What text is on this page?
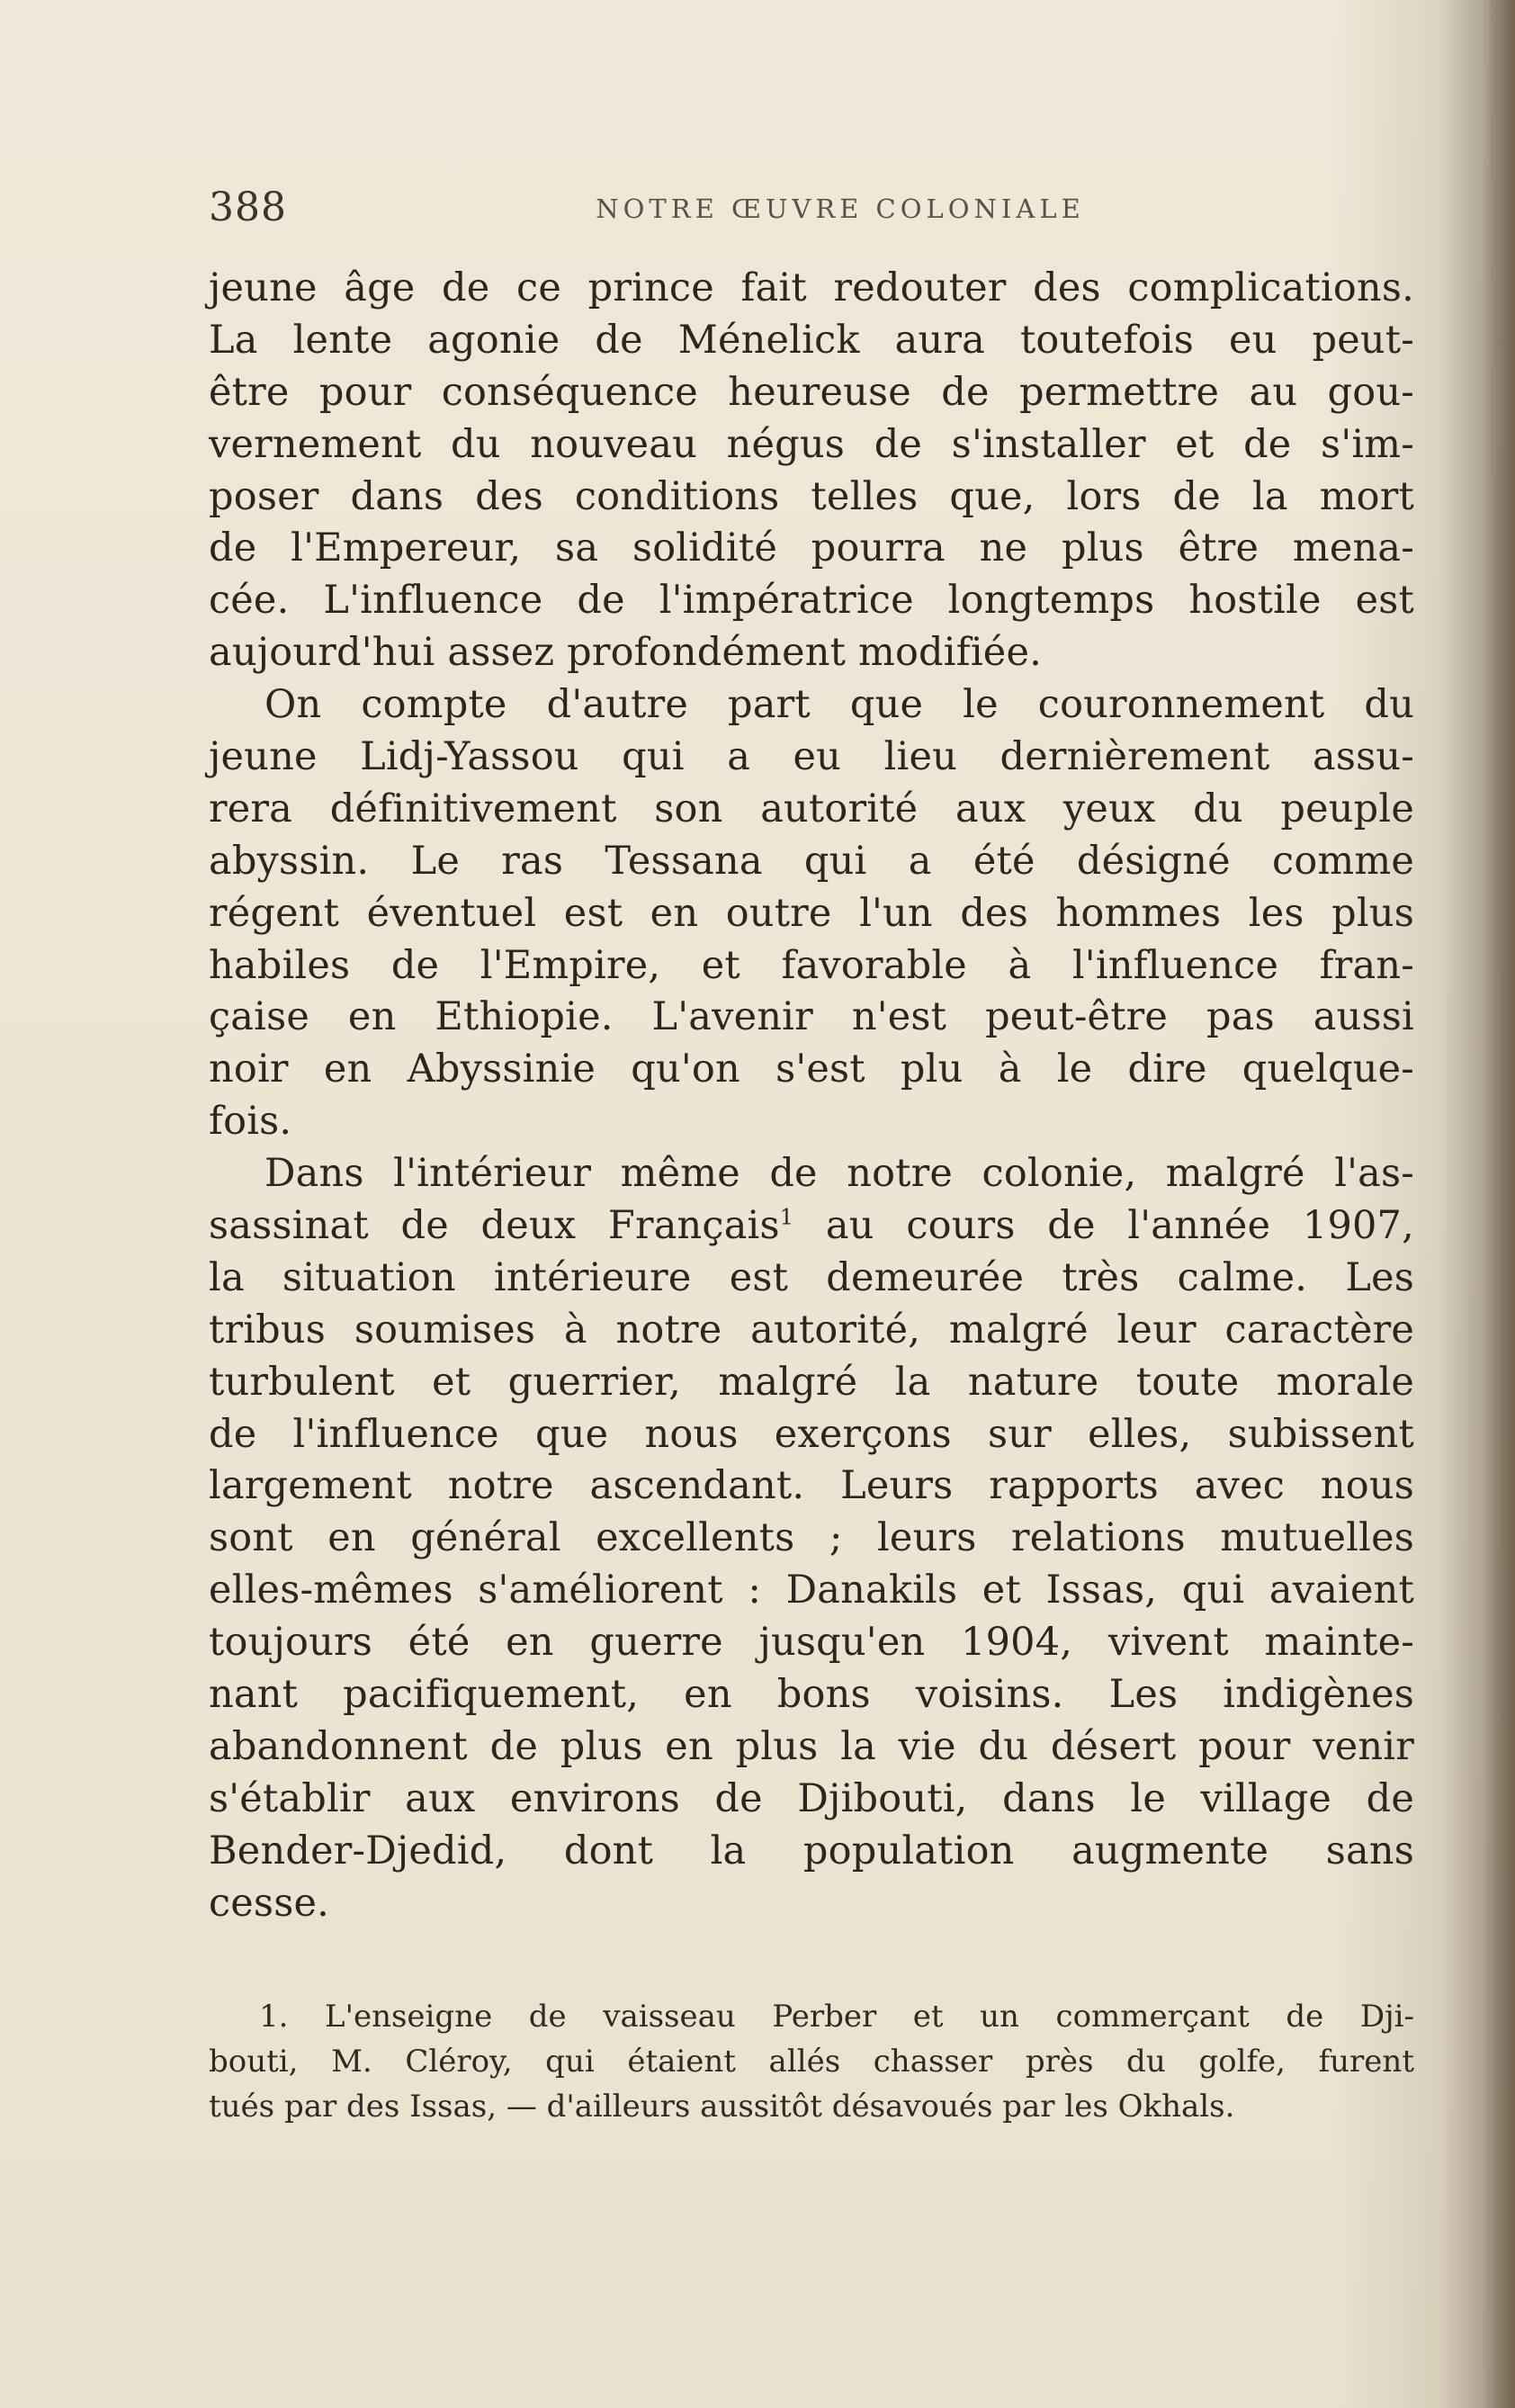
388	NOTRE ŒUVRE COLONIALE
jeune âge de ce prince fait redouter des complications.
La lente agonie de Ménelick aura toutefois eu peut-
être pour conséquence heureuse de permettre au gou-
vernement du nouveau négus de s'installer et de s'im-
poser dans des conditions telles que, lors de la mort
de l'Empereur, sa solidité pourra ne plus être mena-
cée. L'influence de l'impératrice longtemps hostile est
aujourd'hui assez profondément modifiée.
On compte d'autre part que le couronnement du
jeune Lidj-Yassou qui a eu lieu dernièrement assu-
rera définitivement son autorité aux yeux du peuple
abyssin. Le ras Tessana qui a été désigné comme
régent éventuel est en outre l'un des hommes les plus
habiles de l'Empire, et favorable à l'influence fran-
çaise en Ethiopie. L'avenir n'est peut-être pas aussi
noir en Abyssinie qu'on s'est plu à le dire quelque-
fois.
Dans l'intérieur même de notre colonie, malgré l'as-
sassinat de deux Français$^1$ au cours de l'année 1907,
la situation intérieure est demeurée très calme. Les
tribus soumises à notre autorité, malgré leur caractère
turbulent et guerrier, malgré la nature toute morale
de l'influence que nous exerçons sur elles, subissent
largement notre ascendant. Leurs rapports avec nous
sont en général excellents ; leurs relations mutuelles
elles-mêmes s'améliorent : Danakils et Issas, qui avaient
toujours été en guerre jusqu'en 1904, vivent mainte-
nant pacifiquement, en bons voisins. Les indigènes
abandonnent de plus en plus la vie du désert pour venir
s'établir aux environs de Djibouti, dans le village de
Bender-Djedid, dont la population augmente sans
cesse.
1. L'enseigne de vaisseau Perber et un commerçant de Dji-
bouti, M. Cléroy, qui étaient allés chasser près du golfe, furent
tués par des Issas, — d'ailleurs aussitôt désavoués par les Okhals.
